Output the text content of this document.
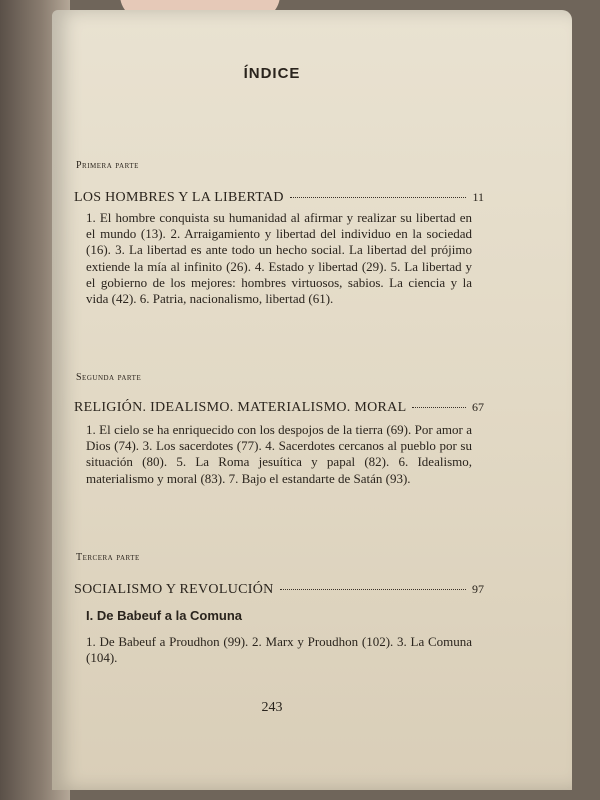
ÍNDICE
Primera parte
LOS HOMBRES Y LA LIBERTAD	11
1. El hombre conquista su humanidad al afirmar y realizar su libertad en el mundo (13). 2. Arraigamiento y libertad del individuo en la sociedad (16). 3. La libertad es ante todo un hecho social. La libertad del prójimo extiende la mía al infinito (26). 4. Estado y libertad (29). 5. La libertad y el gobierno de los mejores: hombres virtuosos, sabios. La ciencia y la vida (42). 6. Patria, nacionalismo, libertad (61).
Segunda parte
RELIGIÓN. IDEALISMO. MATERIALISMO. MORAL	67
1. El cielo se ha enriquecido con los despojos de la tierra (69). Por amor a Dios (74). 3. Los sacerdotes (77). 4. Sacerdotes cercanos al pueblo por su situación (80). 5. La Roma jesuítica y papal (82). 6. Idealismo, materialismo y moral (83). 7. Bajo el estandarte de Satán (93).
Tercera parte
SOCIALISMO Y REVOLUCIÓN	97
I. De Babeuf a la Comuna
1. De Babeuf a Proudhon (99). 2. Marx y Proudhon (102). 3. La Comuna (104).
243
